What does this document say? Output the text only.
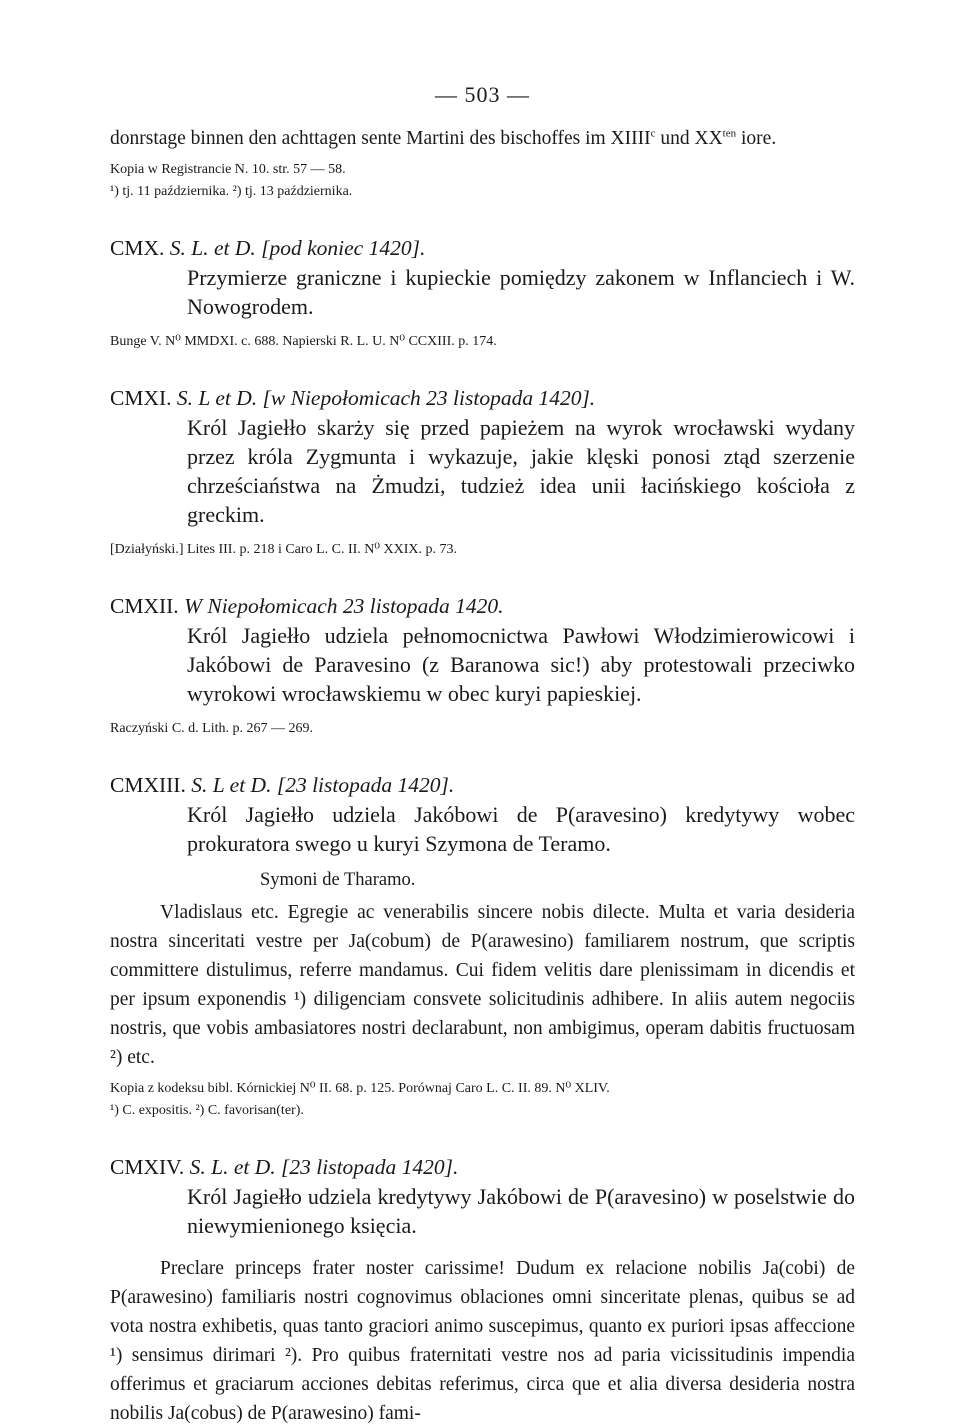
— 503 —

donrstage binnen den achttagen sente Martini des bischoffes im XIIII$^c$ und $XX^{ten}$ iore.

Kopia w Registrancie N. 10. str. 57 — 58.

¹) tj. 11 października. ²) tj. 13 października.

CMX. S. L. et D. [pod koniec 1420].

Przymierze graniczne i kupieckie pomiędzy zakonem w Inflanciech i W. Nowogrodem.

Bunge V. N⁰ MMDXI. c. 688. Napierski R. L. U. N⁰ CCXIII. p. 174.

CMXI. S. L et D. [w Niepołomicach 23 listopada 1420].

Król Jagiełło skarży się przed papieżem na wyrok wrocławski wydany przez króla Zygmunta i wykazuje, jakie klęski ponosi ztąd szerzenie chrześciaństwa na Żmudzi, tudzież idea unii łacińskiego kościoła z greckim.

[Działyński.] Lites III. p. 218 i Caro L. C. II. N⁰ XXIX. p. 73.

CMXII. W Niepołomicach 23 listopada 1420.

Król Jagiełło udziela pełnomocnictwa Pawłowi Włodzimierowicowi i Jakóbowi de Paravesino (z Baranowa sic!) aby protestowali przeciwko wyrokowi wrocławskiemu w obec kuryi papieskiej.

Raczyński C. d. Lith. p. 267 — 269.

CMXIII. S. L et D. [23 listopada 1420].

Król Jagiełło udziela Jakóbowi de P(aravesino) kredytywy wobec prokuratora swego u kuryi Szymona de Teramo.

Symoni de Tharamo.

Vladislaus etc. Egregie ac venerabilis sincere nobis dilecte. Multa et varia desideria nostra sinceritati vestre per Ja(cobum) de P(arawesino) familiarem nostrum, que scriptis committere distulimus, referre mandamus. Cui fidem velitis dare plenissimam in dicendis et per ipsum exponendis ¹) diligenciam consvete solicitudinis adhibere. In aliis autem negociis nostris, que vobis ambasiatores nostri declarabunt, non ambigimus, operam dabitis fructuosam ²) etc.

Kopia z kodeksu bibl. Kórnickiej N⁰ II. 68. p. 125. Porównaj Caro L. C. II. 89. N⁰ XLIV.

¹) C. expositis. ²) C. favorisan(ter).

CMXIV. S. L. et D. [23 listopada 1420].

Król Jagiełło udziela kredytywy Jakóbowi de P(aravesino) w poselstwie do niewymienionego księcia.

Preclare princeps frater noster carissime! Dudum ex relacione nobilis Ja(cobi) de P(arawesino) familiaris nostri cognovimus oblaciones omni sinceritate plenas, quibus se ad vota nostra exhibetis, quas tanto graciori animo suscepimus, quanto ex puriori ipsas affeccione ¹) sensimus dirimari ²). Pro quibus fraternitati vestre nos ad paria vicissitudinis impendia offerimus et graciarum acciones debitas referimus, circa que et alia diversa desideria nostra nobilis Ja(cobus) de P(arawesino) fami-
